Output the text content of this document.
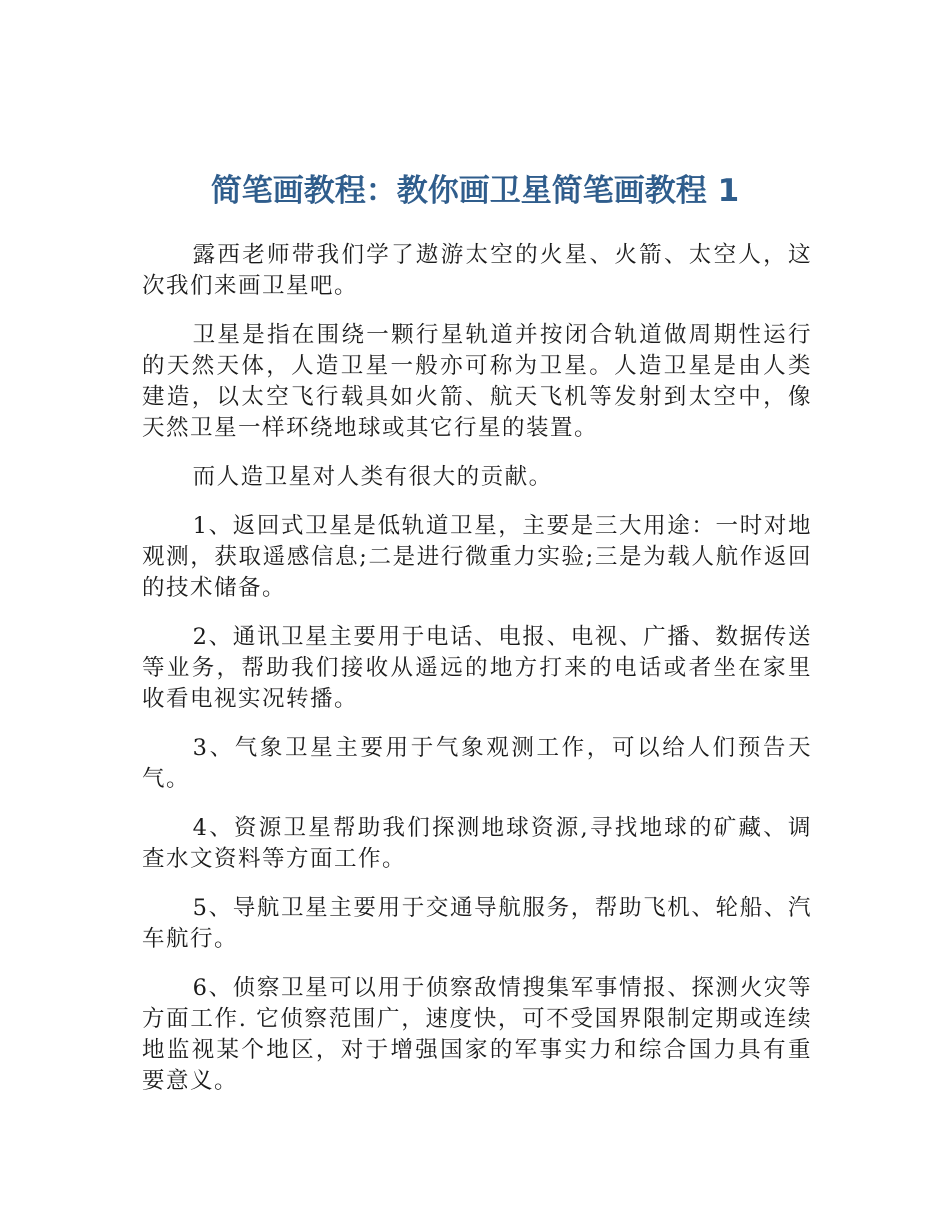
简笔画教程：教你画卫星简笔画教程 1

露西老师带我们学了遨游太空的火星、火箭、太空人，这次我们来画卫星吧。

卫星是指在围绕一颗行星轨道并按闭合轨道做周期性运行的天然天体，人造卫星一般亦可称为卫星。人造卫星是由人类建造，以太空飞行载具如火箭、航天飞机等发射到太空中，像天然卫星一样环绕地球或其它行星的装置。

而人造卫星对人类有很大的贡献。

1、返回式卫星是低轨道卫星，主要是三大用途：一时对地观测，获取遥感信息;二是进行微重力实验;三是为载人航作返回的技术储备。

2、通讯卫星主要用于电话、电报、电视、广播、数据传送等业务，帮助我们接收从遥远的地方打来的电话或者坐在家里收看电视实况转播。

3、气象卫星主要用于气象观测工作，可以给人们预告天气。

4、资源卫星帮助我们探测地球资源,寻找地球的矿藏、调查水文资料等方面工作。

5、导航卫星主要用于交通导航服务，帮助飞机、轮船、汽车航行。

6、侦察卫星可以用于侦察敌情搜集军事情报、探测火灾等方面工作. 它侦察范围广，速度快，可不受国界限制定期或连续地监视某个地区，对于增强国家的军事实力和综合国力具有重要意义。
